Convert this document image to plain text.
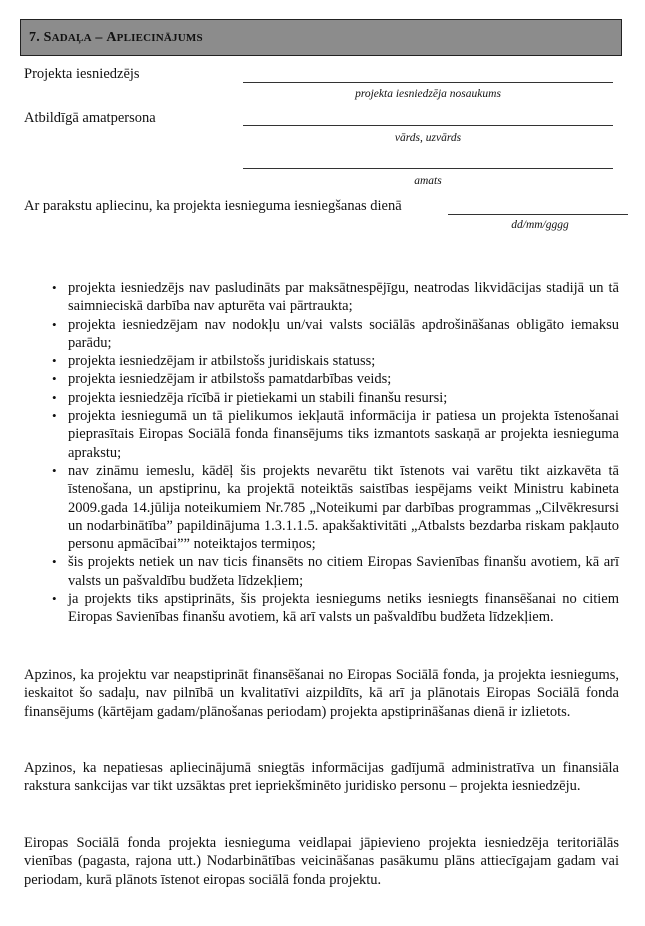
7.
S ADAĻA – A PLIECINĀJUMS
Projekta iesniedzējs
projekta iesniedzēja nosaukums
Atbildīgā amatpersona
vārds, uzvārds
amats
Ar parakstu apliecinu, ka projekta iesnieguma iesniegšanas dienā
dd/mm/gggg
• projekta iesniedzējs nav pasludināts par maksātnespējīgu, neatrodas likvidācijas stadijā un tā saimnieciskā darbība nav apturēta vai pārtraukta;
• projekta iesniedzējam nav nodokļu un/vai valsts sociālās apdrošināšanas obligāto iemaksu parādu;
• projekta iesniedzējam ir atbilstošs juridiskais statuss;
• projekta iesniedzējam ir atbilstošs pamatdarbības veids;
• projekta iesniedzēja rīcībā ir pietiekami un stabili finanšu resursi;
• projekta iesniegumā un tā pielikumos iekļautā informācija ir patiesa un projekta īstenošanai pieprasītais Eiropas Sociālā fonda finansējums tiks izmantots saskaņā ar projekta iesnieguma aprakstu;
• nav zināmu iemeslu, kādēļ šis projekts nevarētu tikt īstenots vai varētu tikt aizkavēta tā īstenošana, un apstiprinu, ka projektā noteiktās saistības iespējams veikt Ministru kabineta 2009.gada 14.jūlija noteikumiem Nr.785 „Noteikumi par darbības programmas „Cilvēkresursi un nodarbinātība” papildinājuma 1.3.1.1.5. apakšaktivitāti „Atbalsts bezdarba riskam pakļauto personu apmācībai”” noteiktajos termiņos;
• šis projekts netiek un nav ticis finansēts no citiem Eiropas Savienības finanšu avotiem, kā arī valsts un pašvaldību budžeta līdzekļiem;
• ja projekts tiks apstiprināts, šis projekta iesniegums netiks iesniegts finansēšanai no citiem Eiropas Savienības finanšu avotiem, kā arī valsts un pašvaldību budžeta līdzekļiem.

Apzinos, ka projektu var neapstiprināt finansēšanai no Eiropas Sociālā fonda, ja projekta iesniegums, ieskaitot šo sadaļu, nav pilnībā un kvalitatīvi aizpildīts, kā arī ja plānotais Eiropas Sociālā fonda finansējums (kārtējam gadam/plānošanas periodam) projekta apstiprināšanas dienā ir izlietots.

Apzinos, ka nepatiesas apliecinājumā sniegtās informācijas gadījumā administratīva un finansiāla rakstura sankcijas var tikt uzsāktas pret iepriekšminēto juridisko personu – projekta iesniedzēju.

Eiropas Sociālā fonda projekta iesnieguma veidlapai jāpievieno projekta iesniedzēja teritoriālās vienības (pagasta, rajona utt.) Nodarbinātības veicināšanas pasākumu plāns attiecīgajam gadam vai periodam, kurā plānots īstenot eiropas sociālā fonda projektu.
